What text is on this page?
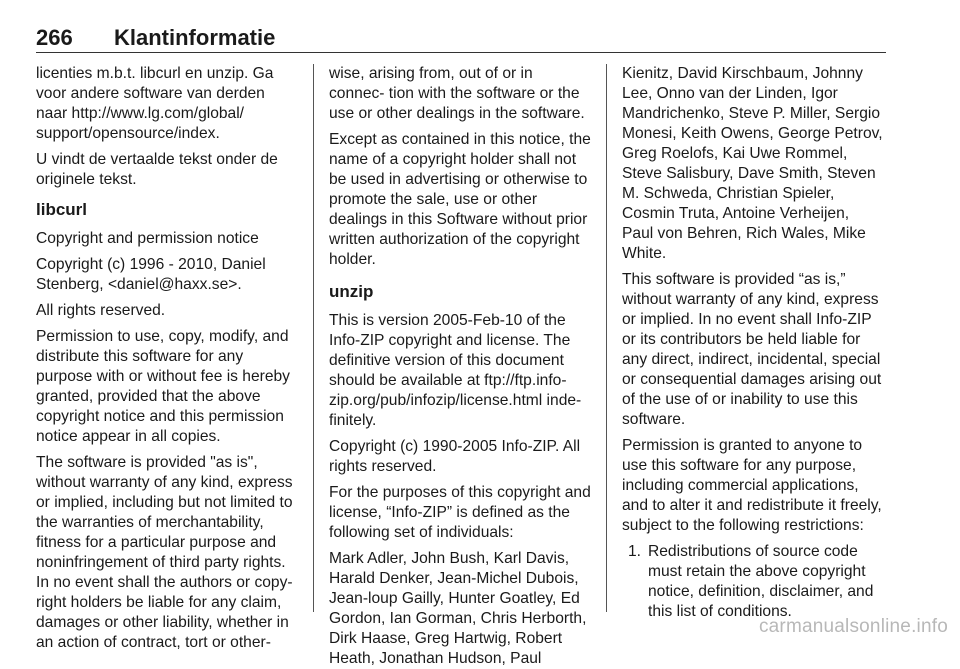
266	Klantinformatie

licenties m.b.t. libcurl en unzip. Ga voor andere software van derden naar http://www.lg.com/global/ support/opensource/index.

U vindt de vertaalde tekst onder de originele tekst.

libcurl

Copyright and permission notice

Copyright (c) 1996 - 2010, Daniel Stenberg, <daniel@haxx.se>.

All rights reserved.

Permission to use, copy, modify, and distribute this software for any purpose with or without fee is hereby granted, provided that the above copyright notice and this permission notice appear in all copies.

The software is provided "as is", without warranty of any kind, express or implied, including but not limited to the warranties of merchantability, fitness for a particular purpose and noninfringement of third party rights. In no event shall the authors or copy- right holders be liable for any claim, damages or other liability, whether in an action of contract, tort or other-

wise, arising from, out of or in connec- tion with the software or the use or other dealings in the software.

Except as contained in this notice, the name of a copyright holder shall not be used in advertising or otherwise to promote the sale, use or other dealings in this Software without prior written authorization of the copyright holder.

unzip

This is version 2005-Feb-10 of the Info-ZIP copyright and license. The definitive version of this document should be available at ftp://ftp.info- zip.org/pub/infozip/license.html inde- finitely.

Copyright (c) 1990-2005 Info-ZIP. All rights reserved.

For the purposes of this copyright and license, “Info-ZIP” is defined as the following set of individuals:

Mark Adler, John Bush, Karl Davis, Harald Denker, Jean-Michel Dubois, Jean-loup Gailly, Hunter Goatley, Ed Gordon, Ian Gorman, Chris Herborth, Dirk Haase, Greg Hartwig, Robert Heath, Jonathan Hudson, Paul

Kienitz, David Kirschbaum, Johnny Lee, Onno van der Linden, Igor Mandrichenko, Steve P. Miller, Sergio Monesi, Keith Owens, George Petrov, Greg Roelofs, Kai Uwe Rommel, Steve Salisbury, Dave Smith, Steven M. Schweda, Christian Spieler, Cosmin Truta, Antoine Verheijen, Paul von Behren, Rich Wales, Mike White.

This software is provided “as is,” without warranty of any kind, express or implied. In no event shall Info-ZIP or its contributors be held liable for any direct, indirect, incidental, special or consequential damages arising out of the use of or inability to use this software.

Permission is granted to anyone to use this software for any purpose, including commercial applications, and to alter it and redistribute it freely, subject to the following restrictions:

1. Redistributions of source code must retain the above copyright notice, definition, disclaimer, and this list of conditions.
carmanualsonline.info
